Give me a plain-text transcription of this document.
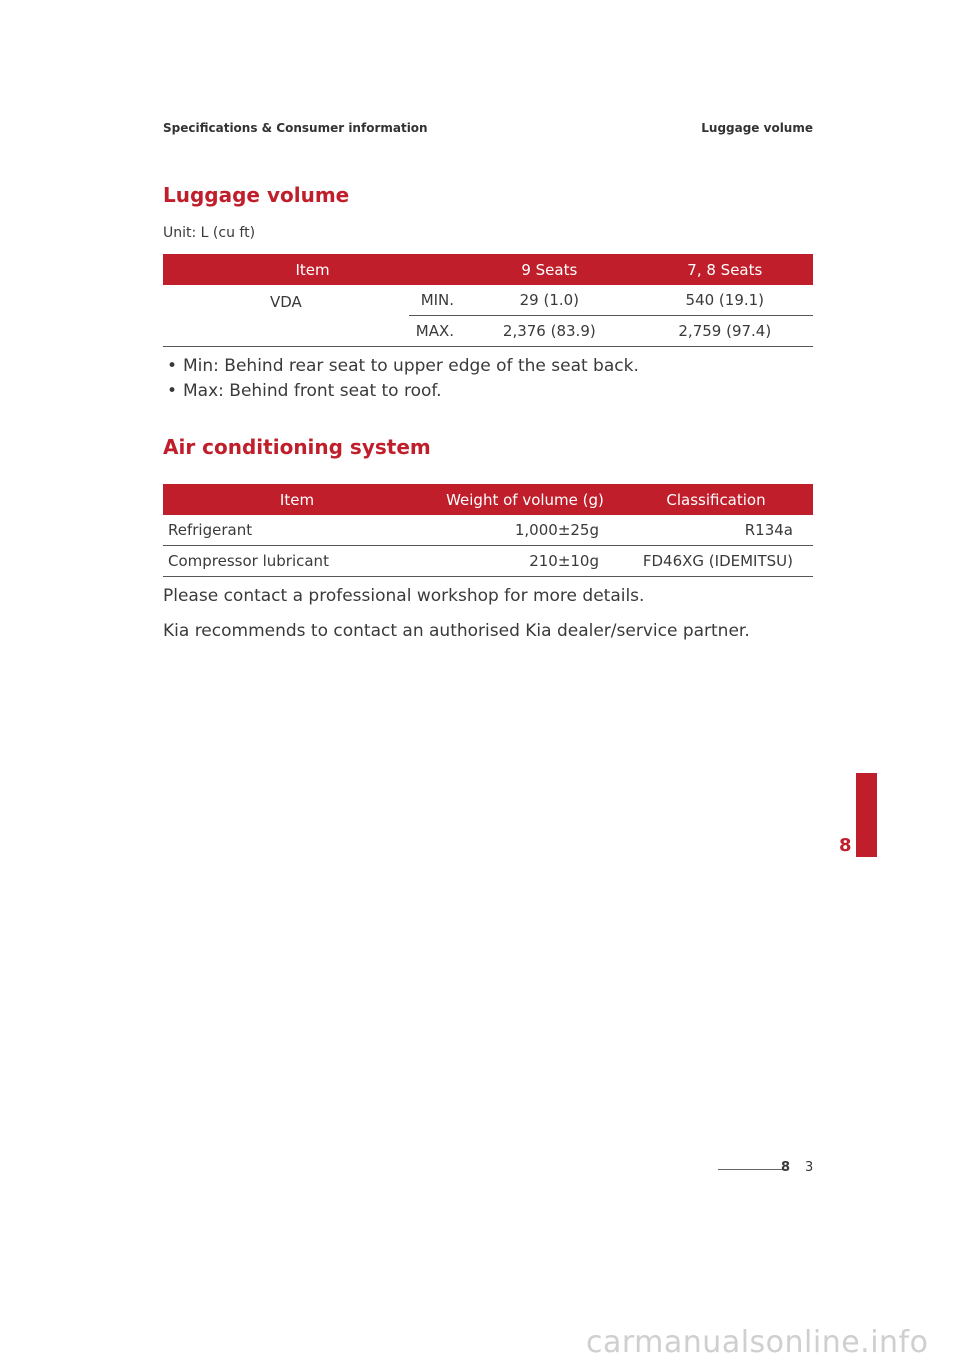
Specifications & Consumer information	Luggage volume
Luggage volume
Unit: L (cu ft)
Item		9 Seats	7, 8 Seats
VDA	MIN.	29 (1.0)	540 (19.1)
	MAX.	2,376 (83.9)	2,759 (97.4)
• Min: Behind rear seat to upper edge of the seat back.
• Max: Behind front seat to roof.
Air conditioning system
Item	Weight of volume (g)	Classification
Refrigerant	1,000±25g	R134a
Compressor lubricant	210±10g	FD46XG (IDEMITSU)

Please contact a professional workshop for more details.

Kia recommends to contact an authorised Kia dealer/service partner.

8
8 3
carmanualsonline.info
